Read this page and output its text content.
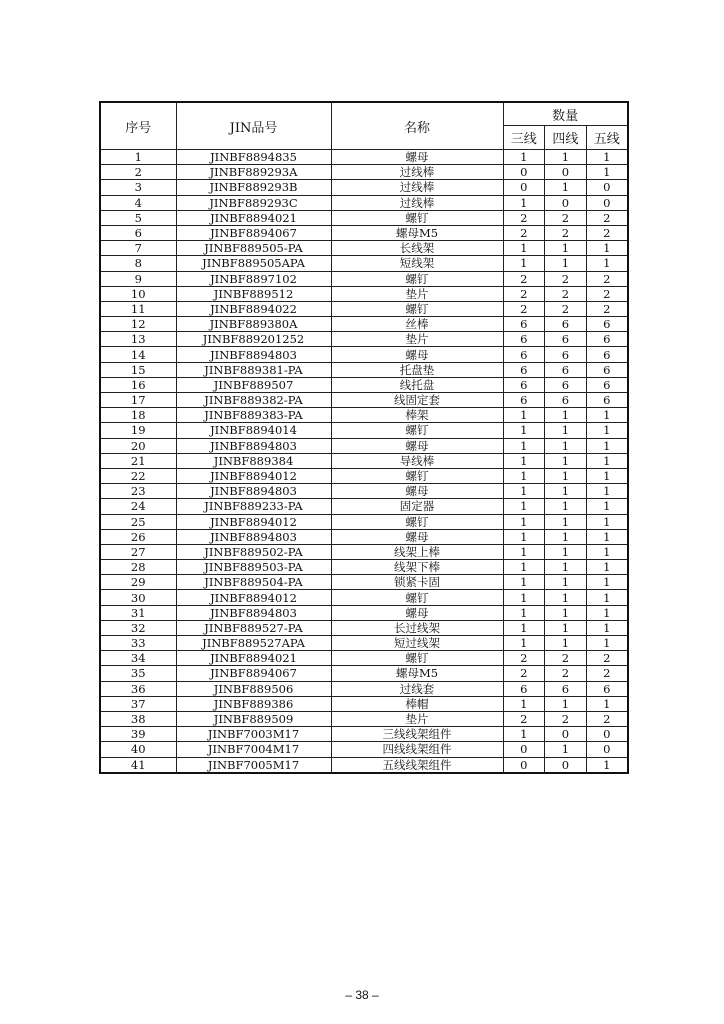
序号	JIN品号	名称	数量		
			三线	四线	五线
1	JINBF8894835	螺母	1	1	1
2	JINBF889293A	过线棒	0	0	1
3	JINBF889293B	过线棒	0	1	0
4	JINBF889293C	过线棒	1	0	0
5	JINBF8894021	螺钉	2	2	2
6	JINBF8894067	螺母M5	2	2	2
7	JINBF889505-PA	长线架	1	1	1
8	JINBF889505APA	短线架	1	1	1
9	JINBF8897102	螺钉	2	2	2
10	JINBF889512	垫片	2	2	2
11	JINBF8894022	螺钉	2	2	2
12	JINBF889380A	丝棒	6	6	6
13	JINBF889201252	垫片	6	6	6
14	JINBF8894803	螺母	6	6	6
15	JINBF889381-PA	托盘垫	6	6	6
16	JINBF889507	线托盘	6	6	6
17	JINBF889382-PA	线固定套	6	6	6
18	JINBF889383-PA	棒架	1	1	1
19	JINBF8894014	螺钉	1	1	1
20	JINBF8894803	螺母	1	1	1
21	JINBF889384	导线棒	1	1	1
22	JINBF8894012	螺钉	1	1	1
23	JINBF8894803	螺母	1	1	1
24	JINBF889233-PA	固定器	1	1	1
25	JINBF8894012	螺钉	1	1	1
26	JINBF8894803	螺母	1	1	1
27	JINBF889502-PA	线架上棒	1	1	1
28	JINBF889503-PA	线架下棒	1	1	1
29	JINBF889504-PA	锁紧卡固	1	1	1
30	JINBF8894012	螺钉	1	1	1
31	JINBF8894803	螺母	1	1	1
32	JINBF889527-PA	长过线架	1	1	1
33	JINBF889527APA	短过线架	1	1	1
34	JINBF8894021	螺钉	2	2	2
35	JINBF8894067	螺母M5	2	2	2
36	JINBF889506	过线套	6	6	6
37	JINBF889386	棒帽	1	1	1
38	JINBF889509	垫片	2	2	2
39	JINBF7003M17	三线线架组件	1	0	0
40	JINBF7004M17	四线线架组件	0	1	0
41	JINBF7005M17	五线线架组件	0	0	1
– 38 –
